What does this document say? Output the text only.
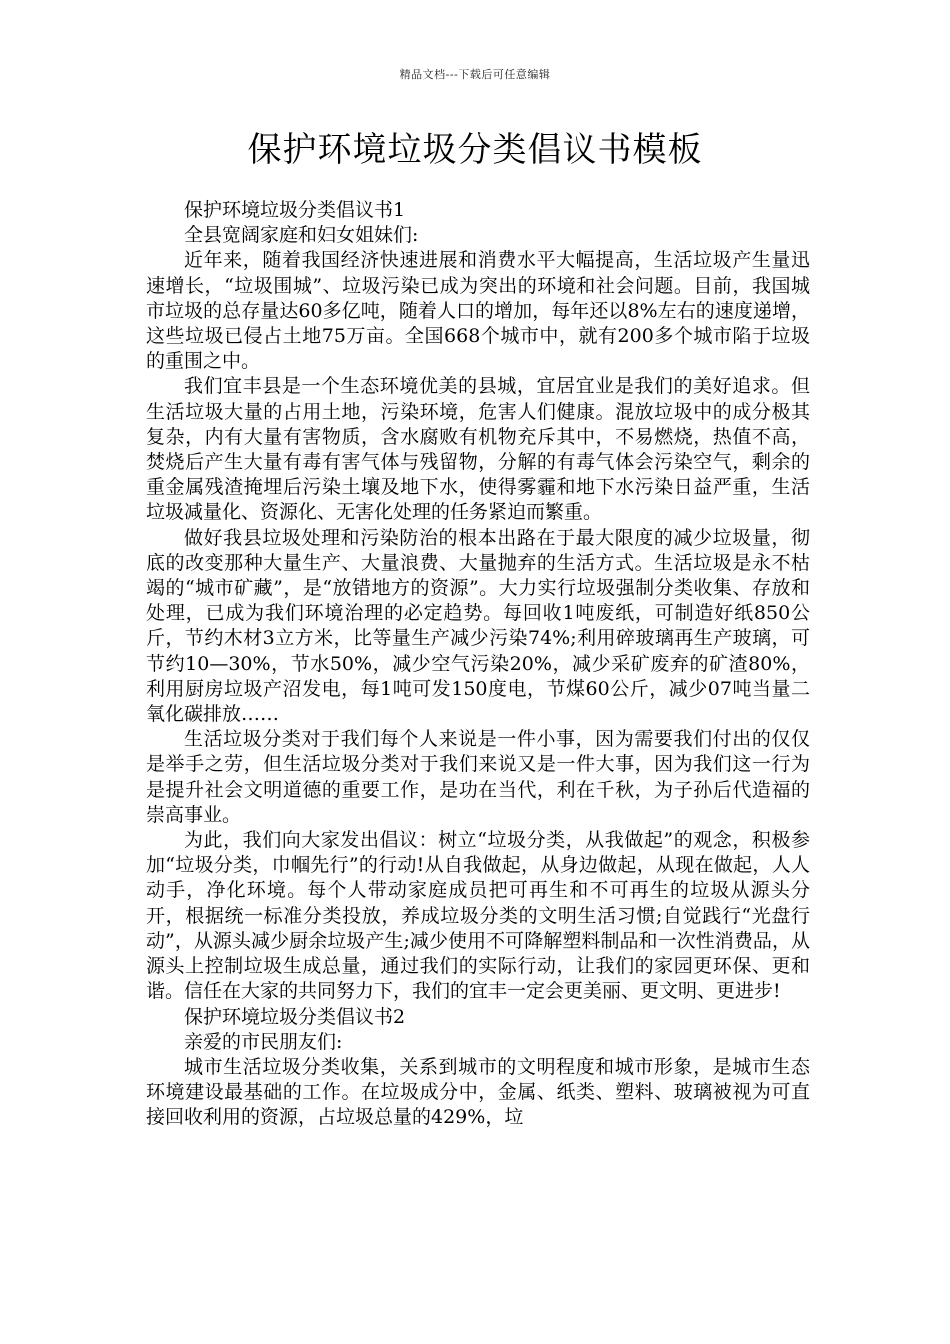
精品文档---下载后可任意编辑
保护环境垃圾分类倡议书模板

保护环境垃圾分类倡议书1

全县宽阔家庭和妇女姐妹们:

近年来，随着我国经济快速进展和消费水平大幅提高，生活垃圾产生量迅速增长，“垃圾围城”、垃圾污染已成为突出的环境和社会问题。目前，我国城市垃圾的总存量达60多亿吨，随着人口的增加，每年还以8%左右的速度递增，这些垃圾已侵占土地75万亩。全国668个城市中，就有200多个城市陷于垃圾的重围之中。

我们宜丰县是一个生态环境优美的县城，宜居宜业是我们的美好追求。但生活垃圾大量的占用土地，污染环境，危害人们健康。混放垃圾中的成分极其复杂，内有大量有害物质，含水腐败有机物充斥其中，不易燃烧，热值不高，焚烧后产生大量有毒有害气体与残留物，分解的有毒气体会污染空气，剩余的重金属残渣掩埋后污染土壤及地下水，使得雾霾和地下水污染日益严重，生活垃圾减量化、资源化、无害化处理的任务紧迫而繁重。

做好我县垃圾处理和污染防治的根本出路在于最大限度的减少垃圾量，彻底的改变那种大量生产、大量浪费、大量抛弃的生活方式。生活垃圾是永不枯竭的“城市矿藏”，是“放错地方的资源”。大力实行垃圾强制分类收集、存放和处理，已成为我们环境治理的必定趋势。每回收1吨废纸，可制造好纸850公斤，节约木材3立方米，比等量生产减少污染74%;利用碎玻璃再生产玻璃，可节约10—30%，节水50%，减少空气污染20%，减少采矿废弃的矿渣80%，利用厨房垃圾产沼发电，每1吨可发150度电，节煤60公斤，减少07吨当量二氧化碳排放……

生活垃圾分类对于我们每个人来说是一件小事，因为需要我们付出的仅仅是举手之劳，但生活垃圾分类对于我们来说又是一件大事，因为我们这一行为是提升社会文明道德的重要工作，是功在当代，利在千秋，为子孙后代造福的崇高事业。

为此，我们向大家发出倡议：树立“垃圾分类，从我做起”的观念，积极参加“垃圾分类，巾帼先行”的行动!从自我做起，从身边做起，从现在做起，人人动手，净化环境。每个人带动家庭成员把可再生和不可再生的垃圾从源头分开，根据统一标准分类投放，养成垃圾分类的文明生活习惯;自觉践行“光盘行动”，从源头减少厨余垃圾产生;减少使用不可降解塑料制品和一次性消费品，从源头上控制垃圾生成总量，通过我们的实际行动，让我们的家园更环保、更和谐。信任在大家的共同努力下，我们的宜丰一定会更美丽、更文明、更进步!

保护环境垃圾分类倡议书2

亲爱的市民朋友们:

城市生活垃圾分类收集，关系到城市的文明程度和城市形象，是城市生态环境建设最基础的工作。在垃圾成分中，金属、纸类、塑料、玻璃被视为可直接回收利用的资源，占垃圾总量的429%，垃
